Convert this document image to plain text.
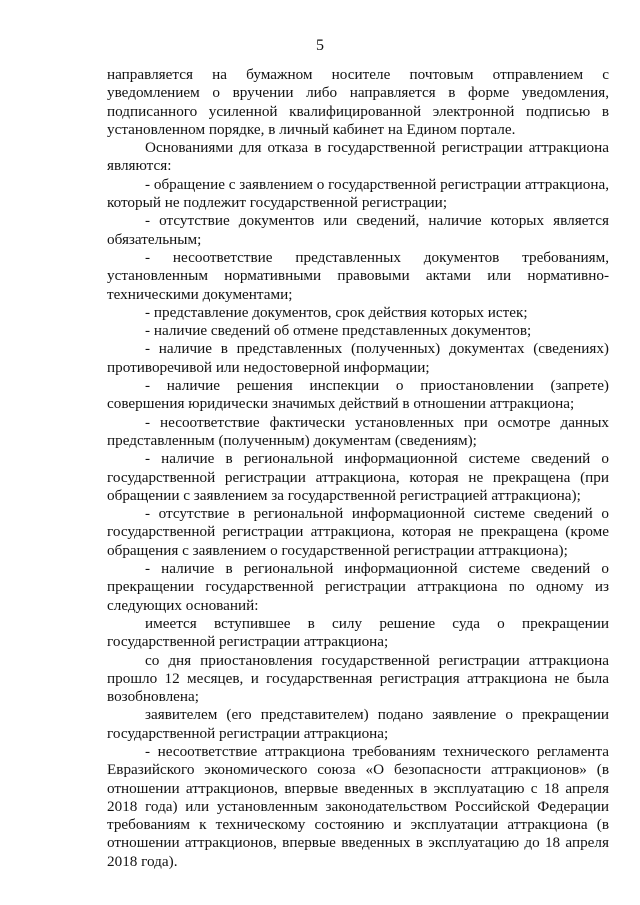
5

направляется на бумажном носителе почтовым отправлением с уведомлением о вручении либо направляется в форме уведомления, подписанного усиленной квалифицированной электронной подписью в установленном порядке, в личный кабинет на Едином портале.

Основаниями для отказа в государственной регистрации аттракциона являются:

- обращение с заявлением о государственной регистрации аттракциона, который не подлежит государственной регистрации;

- отсутствие документов или сведений, наличие которых является обязательным;

- несоответствие представленных документов требованиям, установленным нормативными правовыми актами или нормативно-техническими документами;

- представление документов, срок действия которых истек;

- наличие сведений об отмене представленных документов;

- наличие в представленных (полученных) документах (сведениях) противоречивой или недостоверной информации;

- наличие решения инспекции о приостановлении (запрете) совершения юридически значимых действий в отношении аттракциона;

- несоответствие фактически установленных при осмотре данных представленным (полученным) документам (сведениям);

- наличие в региональной информационной системе сведений о государственной регистрации аттракциона, которая не прекращена (при обращении с заявлением за государственной регистрацией аттракциона);

- отсутствие в региональной информационной системе сведений о государственной регистрации аттракциона, которая не прекращена (кроме обращения с заявлением о государственной регистрации аттракциона);

- наличие в региональной информационной системе сведений о прекращении государственной регистрации аттракциона по одному из следующих оснований:

имеется вступившее в силу решение суда о прекращении государственной регистрации аттракциона;

со дня приостановления государственной регистрации аттракциона прошло 12 месяцев, и государственная регистрация аттракциона не была возобновлена;

заявителем (его представителем) подано заявление о прекращении государственной регистрации аттракциона;

- несоответствие аттракциона требованиям технического регламента Евразийского экономического союза «О безопасности аттракционов» (в отношении аттракционов, впервые введенных в эксплуатацию с 18 апреля 2018 года) или установленным законодательством Российской Федерации требованиям к техническому состоянию и эксплуатации аттракциона (в отношении аттракционов, впервые введенных в эксплуатацию до 18 апреля 2018 года).
